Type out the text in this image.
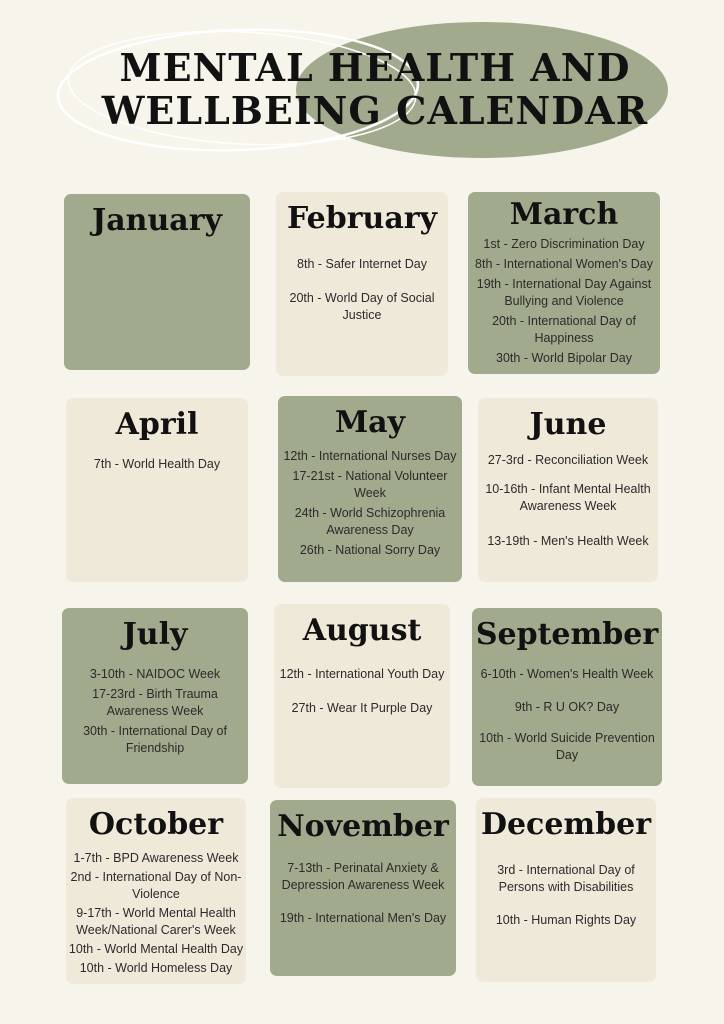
MENTAL HEALTH AND
WELLBEING CALENDAR
January	February
8th - Safer Internet Day
20th - World Day of Social Justice
March
1st - Zero Discrimination Day
8th - International Women's Day
19th - International Day Against Bullying and Violence
20th - International Day of Happiness
30th - World Bipolar Day
April
7th - World Health Day
May
12th - International Nurses Day
17-21st - National Volunteer Week
24th - World Schizophrenia Awareness Day
26th - National Sorry Day
June
27-3rd - Reconciliation Week
10-16th - Infant Mental Health Awareness Week
13-19th - Men's Health Week
July
3-10th - NAIDOC Week
17-23rd - Birth Trauma Awareness Week
30th - International Day of Friendship
August
12th - International Youth Day
27th - Wear It Purple Day
September
6-10th - Women's Health Week
9th - R U OK? Day
10th - World Suicide Prevention Day
October
1-7th - BPD Awareness Week
2nd - International Day of Non-Violence
9-17th - World Mental Health Week/National Carer's Week
10th - World Mental Health Day
10th - World Homeless Day
November
7-13th - Perinatal Anxiety & Depression Awareness Week
19th - International Men's Day
December
3rd - International Day of Persons with Disabilities
10th - Human Rights Day
